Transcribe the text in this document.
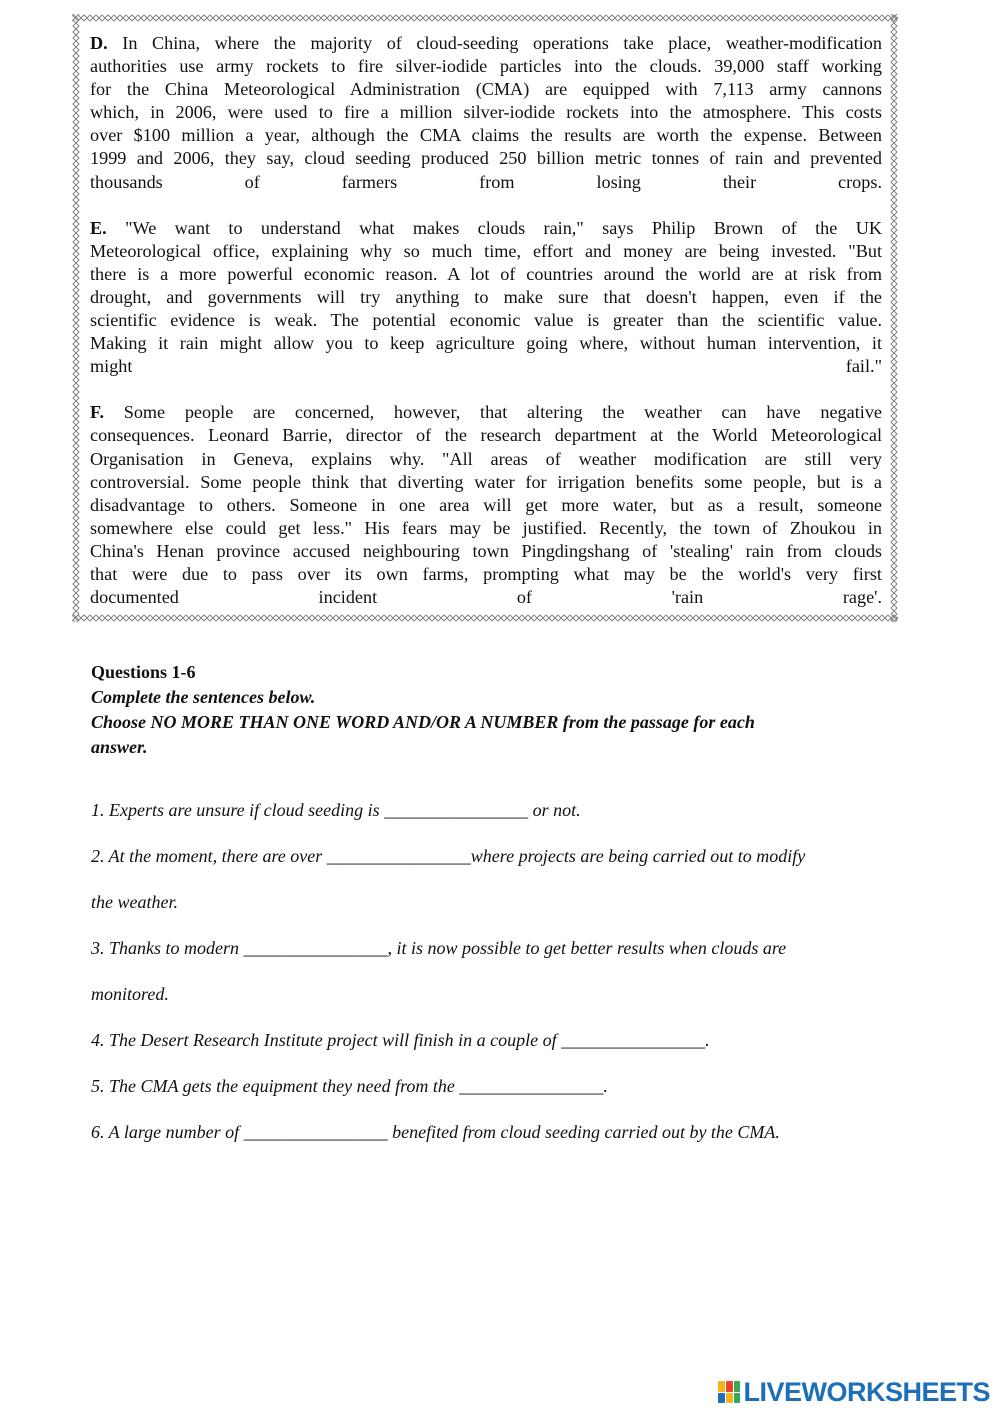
D. In China, where the majority of cloud-seeding operations take place, weather-modification

authorities use army rockets to fire silver-iodide particles into the clouds. 39,000 staff working

for the China Meteorological Administration (CMA) are equipped with 7,113 army cannons

which, in 2006, were used to fire a million silver-iodide rockets into the atmosphere. This costs

over $100 million a year, although the CMA claims the results are worth the expense. Between

1999 and 2006, they say, cloud seeding produced 250 billion metric tonnes of rain and prevented

thousands of farmers from losing their crops.

E. "We want to understand what makes clouds rain," says Philip Brown of the UK

Meteorological office, explaining why so much time, effort and money are being invested. "But

there is a more powerful economic reason. A lot of countries around the world are at risk from

drought, and governments will try anything to make sure that doesn't happen, even if the

scientific evidence is weak. The potential economic value is greater than the scientific value.

Making it rain might allow you to keep agriculture going where, without human intervention, it

might fail."

F. Some people are concerned, however, that altering the weather can have negative

consequences. Leonard Barrie, director of the research department at the World Meteorological

Organisation in Geneva, explains why. "All areas of weather modification are still very

controversial. Some people think that diverting water for irrigation benefits some people, but is a

disadvantage to others. Someone in one area will get more water, but as a result, someone

somewhere else could get less." His fears may be justified. Recently, the town of Zhoukou in

China's Henan province accused neighbouring town Pingdingshang of 'stealing' rain from clouds

that were due to pass over its own farms, prompting what may be the world's very first

documented incident of 'rain rage'.

Questions 1-6

Complete the sentences below.

Choose NO MORE THAN ONE WORD AND/OR A NUMBER from the passage for each

answer.

1. Experts are unsure if cloud seeding is ________________ or not.

2. At the moment, there are over ________________where projects are being carried out to modify

the weather.

3. Thanks to modern ________________, it is now possible to get better results when clouds are

monitored.

4. The Desert Research Institute project will finish in a couple of ________________.

5. The CMA gets the equipment they need from the ________________.

6. A large number of ________________ benefited from cloud seeding carried out by the CMA.

LIVEWORKSHEETS
